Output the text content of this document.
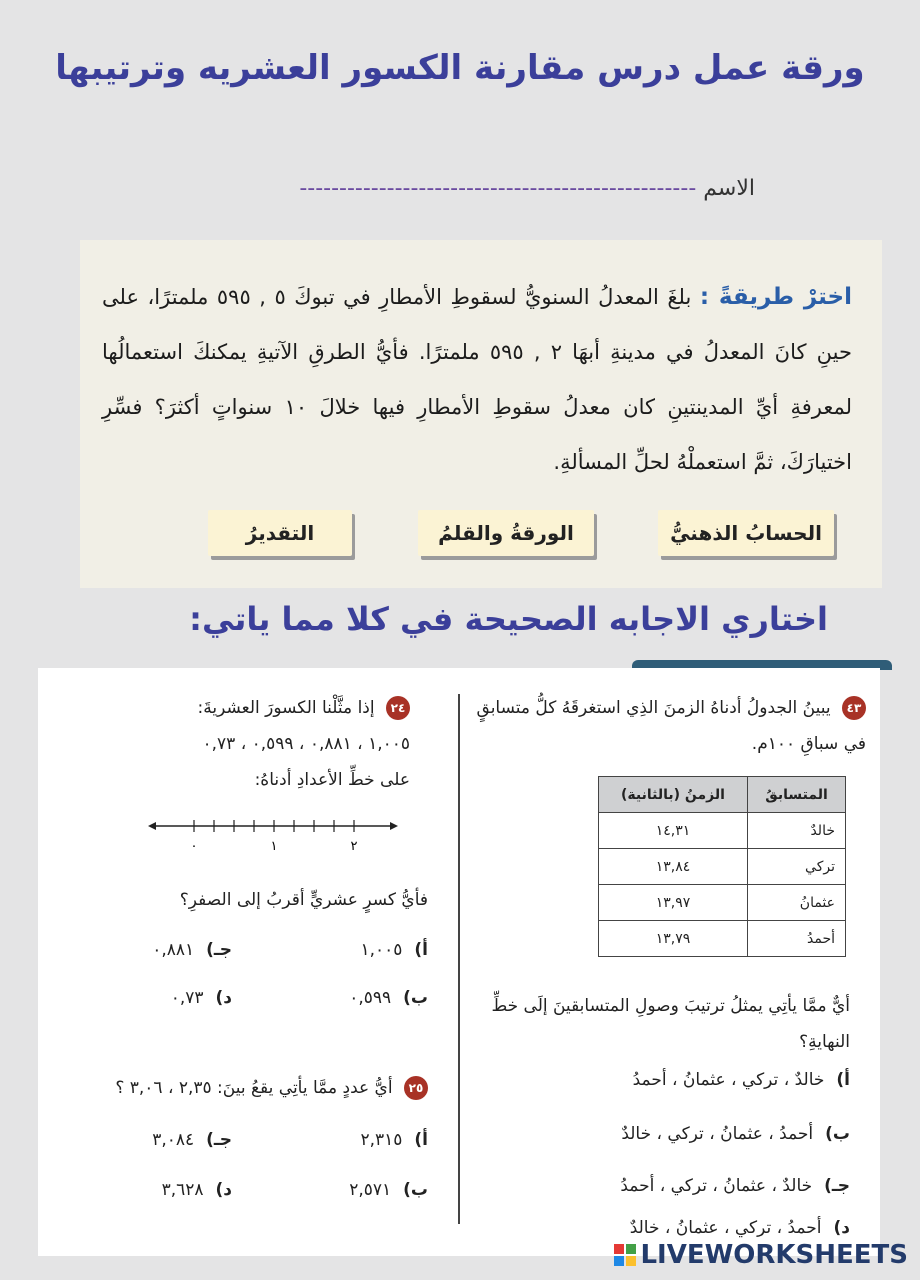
ورقة عمل درس مقارنة الكسور العشريه وترتيبها
الاسم --------------------------------------------------
اخترْ طريقةً : بلغَ المعدلُ السنويُّ لسقوطِ الأمطارِ في تبوكَ ٥ , ٥٩٥ ملمترًا، على حينِ كانَ المعدلُ في مدينةِ أبهَا ٢ , ٥٩٥ ملمترًا. فأيُّ الطرقِ الآتيةِ يمكنكَ استعمالُها لمعرفةِ أيِّ المدينتينِ كان معدلُ سقوطِ الأمطارِ فيها خلالَ ١٠ سنواتٍ أكثرَ؟ فسِّرِ اختيارَكَ، ثمَّ استعملْهُ لحلِّ المسألةِ.
الحسابُ الذهنيُّ
الورقةُ والقلمُ
التقديرُ
اختاري الاجابه الصحيحة في كلا مما ياتي:
٤٣ يبينُ الجدولُ أدناهُ الزمنَ الذِي استغرقَهُ كلُّ متسابقٍ في سباقِ ١٠٠م.
المتسابقُ	الزمنُ (بالثانية)
خالدٌ	١٤,٣١
تركي	١٣,٨٤
عثمانُ	١٣,٩٧
أحمدُ	١٣,٧٩
أيٌّ ممَّا يأتِي يمثلُ ترتيبَ وصولِ المتسابقينَ إلَى خطِّ النهايةِ؟
أ)خالدٌ ، تركي ، عثمانُ ، أحمدُ
ب)أحمدُ ، عثمانُ ، تركي ، خالدٌ
جـ)خالدٌ ، عثمانُ ، تركي ، أحمدُ
د)أحمدُ ، تركي ، عثمانُ ، خالدٌ
٢٤ إذا مثَّلْنا الكسورَ العشريةَ:
١,٠٠٥ ، ٠,٨٨١ ، ٠,٥٩٩ ، ٠,٧٣
على خطِّ الأعدادِ أدناهُ:
٠	١	٢
فأيُّ كسرٍ عشريٍّ أقربُ إلى الصفرِ؟
أ)١,٠٠٥
جـ)٠,٨٨١
ب)٠,٥٩٩
د)٠,٧٣
٢٥ أيُّ عددٍ ممَّا يأتِي يقعُ بينَ: ٢,٣٥ ، ٣,٠٦ ؟
أ)٢,٣١٥
جـ)٣,٠٨٤
ب)٢,٥٧١
د)٣,٦٢٨
LIVEWORKSHEETS
